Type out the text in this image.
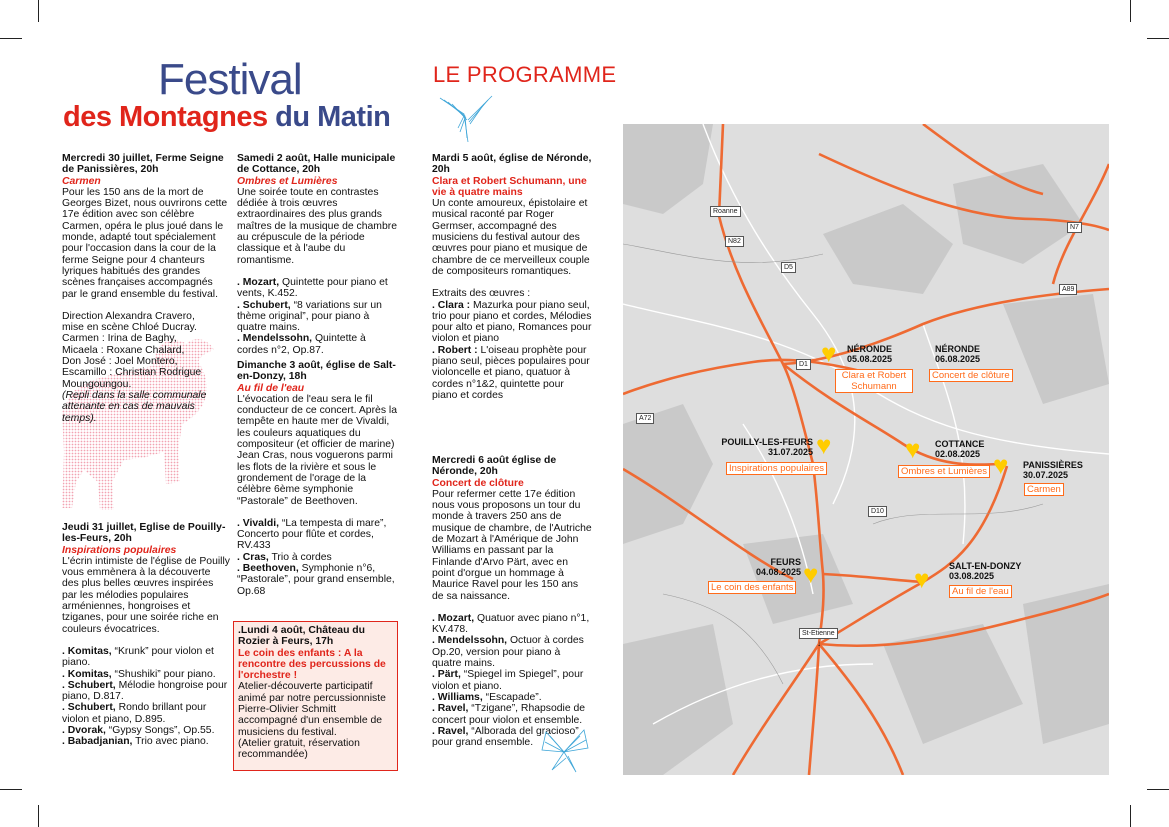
Festival
des Montagnes du Matin

Mercredi 30 juillet, Ferme Seigne de Panissières, 20h

Carmen

Pour les 150 ans de la mort de Georges Bizet, nous ouvrirons cette 17e édition avec son célèbre Carmen, opéra le plus joué dans le monde, adapté tout spécialement pour l'occasion dans la cour de la ferme Seigne pour 4 chanteurs lyriques habitués des grandes scènes françaises accompagnés par le grand ensemble du festival.

Direction Alexandra Cravero,

mise en scène Chloé Ducray.

Carmen : Irina de Baghy,

Micaela : Roxane Chalard,

Don José : Joel Montero,

Escamillo : Christian Rodrigue

Moungoungou.

(Repli dans la salle communale attenante en cas de mauvais temps).

Jeudi 31 juillet, Eglise de Pouilly-les-Feurs, 20h

Inspirations populaires

L'écrin intimiste de l'église de Pouilly vous emmènera à la découverte des plus belles œuvres inspirées par les mélodies populaires arméniennes, hongroises et tziganes, pour une soirée riche en couleurs évocatrices.

. Komitas, “Krunk” pour violon et piano.

. Komitas, “Shushiki” pour piano.

. Schubert, Mélodie hongroise pour piano, D.817.

. Schubert, Rondo brillant pour violon et piano, D.895.

. Dvorak, “Gypsy Songs”, Op.55.

. Babadjanian, Trio avec piano.

Samedi 2 août, Halle municipale de Cottance, 20h

Ombres et Lumières

Une soirée toute en contrastes dédiée à trois œuvres extraordinaires des plus grands maîtres de la musique de chambre au crépuscule de la période classique et à l'aube du romantisme.

. Mozart, Quintette pour piano et vents, K.452.

. Schubert, “8 variations sur un thème original”, pour piano à quatre mains.

. Mendelssohn, Quintette à cordes n°2, Op.87.

Dimanche 3 août, église de Salt-en-Donzy, 18h

Au fil de l'eau

L'évocation de l'eau sera le fil conducteur de ce concert. Après la tempête en haute mer de Vivaldi, les couleurs aquatiques du compositeur (et officier de marine) Jean Cras, nous voguerons parmi les flots de la rivière et sous le grondement de l'orage de la célèbre 6ème symphonie “Pastorale” de Beethoven.

. Vivaldi, “La tempesta di mare”, Concerto pour flûte et cordes, RV.433

. Cras, Trio à cordes

. Beethoven, Symphonie n°6, “Pastorale”, pour grand ensemble, Op.68

.Lundi 4 août, Château du Rozier à Feurs, 17h

Le coin des enfants : A la rencontre des percussions de l'orchestre !

Atelier-découverte participatif animé par notre percussionniste Pierre-Olivier Schmitt accompagné d'un ensemble de musiciens du festival.

(Atelier gratuit, réservation recommandée)

LE PROGRAMME

Mardi 5 août, église de Néronde, 20h

Clara et Robert Schumann, une vie à quatre mains

Un conte amoureux, épistolaire et musical raconté par Roger Germser, accompagné des musiciens du festival autour des œuvres pour piano et musique de chambre de ce merveilleux couple de compositeurs romantiques.

Extraits des œuvres :

. Clara : Mazurka pour piano seul, trio pour piano et cordes, Mélodies pour alto et piano, Romances pour violon et piano

. Robert : L'oiseau prophète pour piano seul, pièces populaires pour violoncelle et piano, quatuor à cordes n°1&2, quintette pour piano et cordes

Mercredi 6 août église de Néronde, 20h

Concert de clôture

Pour refermer cette 17e édition nous vous proposons un tour du monde à travers 250 ans de musique de chambre, de l'Autriche de Mozart à l'Amérique de John Williams en passant par la Finlande d'Arvo Pärt, avec en point d'orgue un hommage à Maurice Ravel pour les 150 ans de sa naissance.

. Mozart, Quatuor avec piano n°1, KV.478.

. Mendelssohn, Octuor à cordes Op.20, version pour piano à quatre mains.

. Pärt, “Spiegel im Spiegel”, pour violon et piano.

. Williams, “Escapade”.

. Ravel, “Tzigane”, Rhapsodie de concert pour violon et ensemble.

. Ravel, “Alborada del gracioso” pour grand ensemble.

Roanne
N82
D5
N7
A89
D1
A72
D10
St-Etienne
↓
♥ NÉRONDE
05.08.2025
Clara et Robert Schumann
NÉRONDE
06.08.2025
Concert de clôture
♥
POUILLY-LES-FEURS
31.07.2025
Inspirations populaires
♥ COTTANCE
02.08.2025
Ombres et Lumières ♥ PANISSIÈRES
30.07.2025
Carmen
♥
FEURS
04.08.2025
Le coin des enfants	♥ SALT-EN-DONZY
03.08.2025
Au fil de l'eau
